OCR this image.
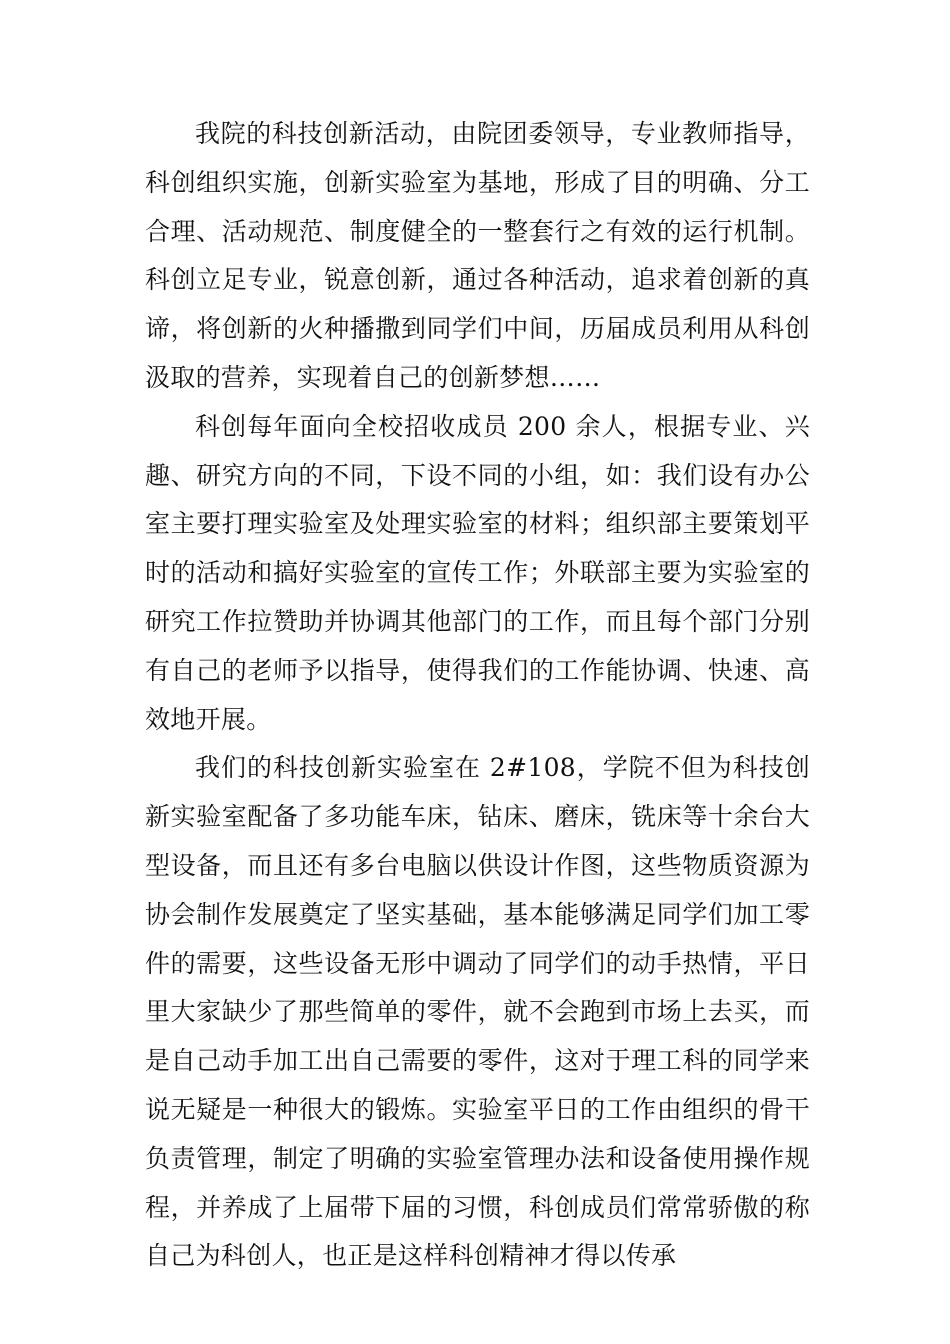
我院的科技创新活动，由院团委领导，专业教师指导，科创组织实施，创新实验室为基地，形成了目的明确、分工合理、活动规范、制度健全的一整套行之有效的运行机制。科创立足专业，锐意创新，通过各种活动，追求着创新的真谛，将创新的火种播撒到同学们中间，历届成员利用从科创汲取的营养，实现着自己的创新梦想……

科创每年面向全校招收成员 200 余人，根据专业、兴趣、研究方向的不同，下设不同的小组，如：我们设有办公室主要打理实验室及处理实验室的材料；组织部主要策划平时的活动和搞好实验室的宣传工作；外联部主要为实验室的研究工作拉赞助并协调其他部门的工作，而且每个部门分别有自己的老师予以指导，使得我们的工作能协调、快速、高效地开展。

我们的科技创新实验室在 2#108，学院不但为科技创新实验室配备了多功能车床，钻床、磨床，铣床等十余台大型设备，而且还有多台电脑以供设计作图，这些物质资源为协会制作发展奠定了坚实基础，基本能够满足同学们加工零件的需要，这些设备无形中调动了同学们的动手热情，平日里大家缺少了那些简单的零件，就不会跑到市场上去买，而是自己动手加工出自己需要的零件，这对于理工科的同学来说无疑是一种很大的锻炼。实验室平日的工作由组织的骨干负责管理，制定了明确的实验室管理办法和设备使用操作规程，并养成了上届带下届的习惯，科创成员们常常骄傲的称自己为科创人，也正是这样科创精神才得以传承
